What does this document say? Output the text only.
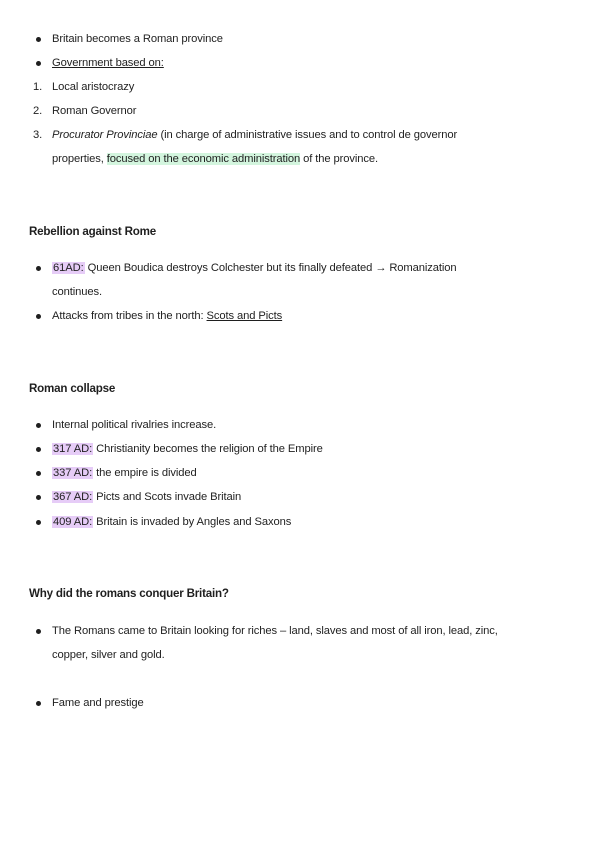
Britain becomes a Roman province
Government based on:
1. Local aristocrazy
2. Roman Governor
3. Procurator Provinciae (in charge of administrative issues and to control de governor
properties, focused on the economic administration of the province.
Rebellion against Rome
61AD: Queen Boudica destroys Colchester but its finally defeated → Romanization
continues.
Attacks from tribes in the north: Scots and Picts
Roman collapse
Internal political rivalries increase.
317 AD: Christianity becomes the religion of the Empire
337 AD: the empire is divided
367 AD: Picts and Scots invade Britain
409 AD: Britain is invaded by Angles and Saxons
Why did the romans conquer Britain?
The Romans came to Britain looking for riches – land, slaves and most of all iron, lead, zinc,
copper, silver and gold.
Fame and prestige
